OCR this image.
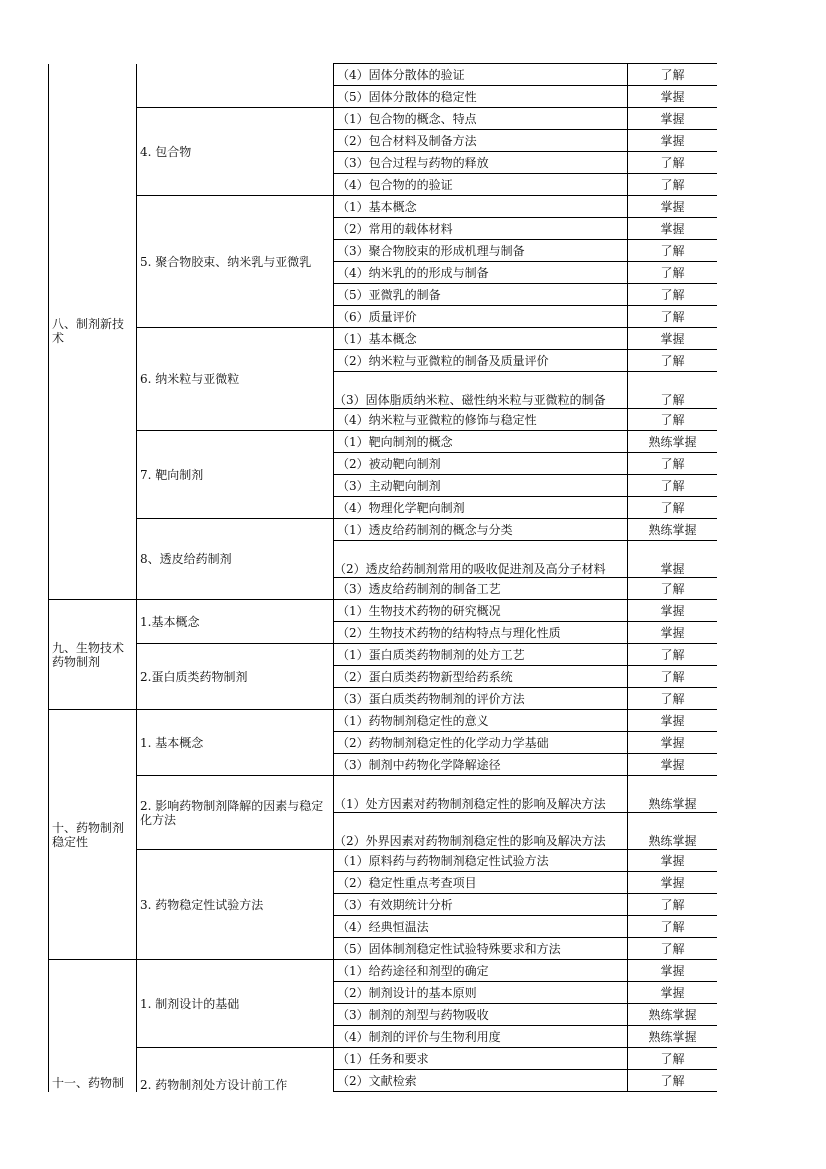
八、制剂新技术		（4）固体分散体的验证	了解
		（5）固体分散体的稳定性	掌握
	4. 包合物	（1）包合物的概念、特点	掌握
		（2）包合材料及制备方法	掌握
		（3）包合过程与药物的释放	了解
		（4）包合物的的验证	了解
	5. 聚合物胶束、纳米乳与亚微乳	（1）基本概念	掌握
		（2）常用的载体材料	掌握
		（3）聚合物胶束的形成机理与制备	了解
		（4）纳米乳的的形成与制备	了解
		（5）亚微乳的制备	了解
		（6）质量评价	了解
	6. 纳米粒与亚微粒	（1）基本概念	掌握
		（2）纳米粒与亚微粒的制备及质量评价	了解
		（3）固体脂质纳米粒、磁性纳米粒与亚微粒的制备	了解
		（4）纳米粒与亚微粒的修饰与稳定性	了解
	7. 靶向制剂	（1）靶向制剂的概念	熟练掌握
		（2）被动靶向制剂	了解
		（3）主动靶向制剂	了解
		（4）物理化学靶向制剂	了解
	8、透皮给药制剂	（1）透皮给药制剂的概念与分类	熟练掌握
		（2）透皮给药制剂常用的吸收促进剂及高分子材料	掌握
		（3）透皮给药制剂的制备工艺	了解
九、生物技术药物制剂	1.基本概念	（1）生物技术药物的研究概况	掌握
		（2）生物技术药物的结构特点与理化性质	掌握
	2.蛋白质类药物制剂	（1）蛋白质类药物制剂的处方工艺	了解
		（2）蛋白质类药物新型给药系统	了解
		（3）蛋白质类药物制剂的评价方法	了解
十、药物制剂稳定性	1. 基本概念	（1）药物制剂稳定性的意义	掌握
		（2）药物制剂稳定性的化学动力学基础	掌握
		（3）制剂中药物化学降解途径	掌握
	2. 影响药物制剂降解的因素与稳定化方法	（1）处方因素对药物制剂稳定性的影响及解决方法	熟练掌握
		（2）外界因素对药物制剂稳定性的影响及解决方法	熟练掌握
	3. 药物稳定性试验方法	（1）原料药与药物制剂稳定性试验方法	掌握
		（2）稳定性重点考查项目	掌握
		（3）有效期统计分析	了解
		（4）经典恒温法	了解
		（5）固体制剂稳定性试验特殊要求和方法	了解
十一、药物制	1. 制剂设计的基础	（1）给药途径和剂型的确定	掌握
		（2）制剂设计的基本原则	掌握
		（3）制剂的剂型与药物吸收	熟练掌握
		（4）制剂的评价与生物利用度	熟练掌握
	2. 药物制剂处方设计前工作	（1）任务和要求	了解
		（2）文献检索	了解
